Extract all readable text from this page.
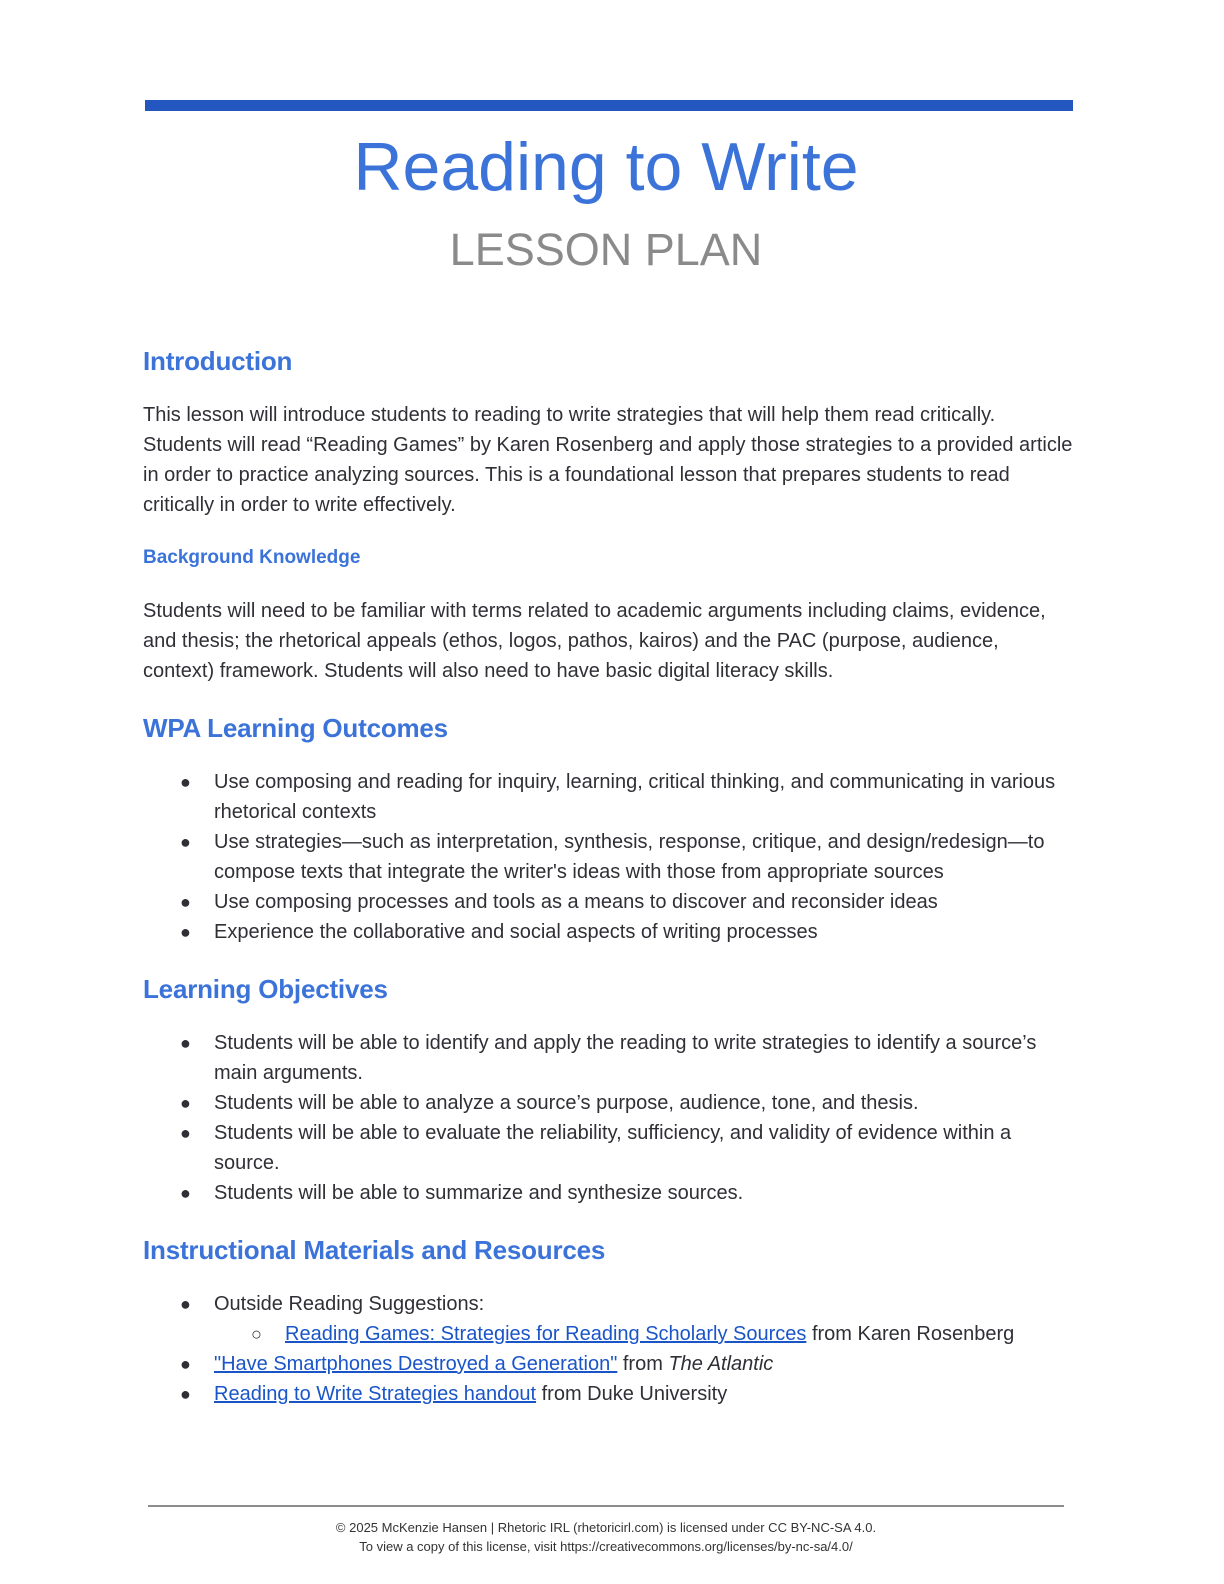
Reading to Write
LESSON PLAN
Introduction

This lesson will introduce students to reading to write strategies that will help them read critically. Students will read “Reading Games” by Karen Rosenberg and apply those strategies to a provided article in order to practice analyzing sources. This is a foundational lesson that prepares students to read critically in order to write effectively.

Background Knowledge

Students will need to be familiar with terms related to academic arguments including claims, evidence, and thesis; the rhetorical appeals (ethos, logos, pathos, kairos) and the PAC (purpose, audience, context) framework. Students will also need to have basic digital literacy skills.

WPA Learning Outcomes
● Use composing and reading for inquiry, learning, critical thinking, and communicating in various rhetorical contexts
● Use strategies—such as interpretation, synthesis, response, critique, and design/redesign—to compose texts that integrate the writer's ideas with those from appropriate sources
● Use composing processes and tools as a means to discover and reconsider ideas
● Experience the collaborative and social aspects of writing processes
Learning Objectives
● Students will be able to identify and apply the reading to write strategies to identify a source’s main arguments.
● Students will be able to analyze a source’s purpose, audience, tone, and thesis.
● Students will be able to evaluate the reliability, sufficiency, and validity of evidence within a source.
● Students will be able to summarize and synthesize sources.
Instructional Materials and Resources
● Outside Reading Suggestions:
○	Reading Games: Strategies for Reading Scholarly Sources from Karen Rosenberg
● "Have Smartphones Destroyed a Generation" from The Atlantic
● Reading to Write Strategies handout from Duke University
© 2025 McKenzie Hansen | Rhetoric IRL (rhetoricirl.com) is licensed under CC BY-NC-SA 4.0.
To view a copy of this license, visit https://creativecommons.org/licenses/by-nc-sa/4.0/
